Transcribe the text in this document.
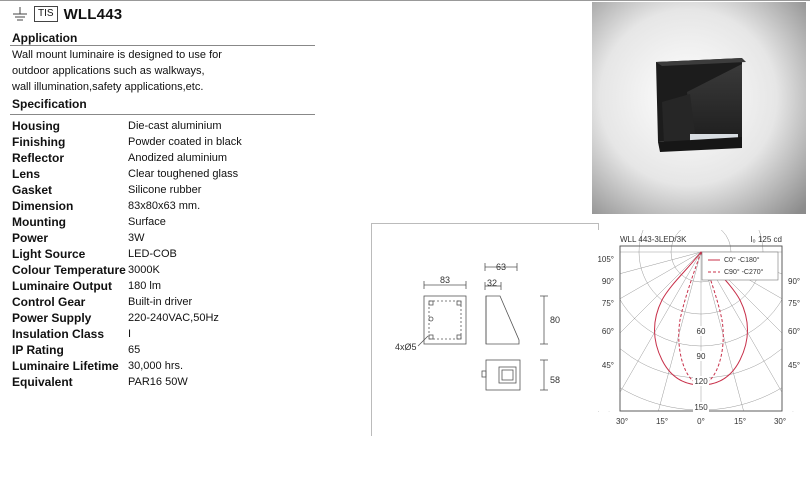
TIS WLL443
Application
Wall mount luminaire is designed to use for
outdoor applications such as walkways,
wall illumination,safety applications,etc.
Specification
Housing	Die-cast aluminium
Finishing	Powder coated in black
Reflector	Anodized aluminium
Lens	Clear toughened glass
Gasket	Silicone rubber
Dimension	83x80x63 mm.
Mounting	Surface
Power	3W
Light Source	LED-COB
Colour Temperature 3000K
Luminaire Output	180 lm
Control Gear	Built-in driver
Power Supply	220-240VAC,50Hz
Insulation Class	I
IP Rating	65
Luminaire Lifetime 30,000 hrs.
Equivalent	PAR16 50W
83
63
32
80
58
4xØ5
C0° -C180°
C90° -C270°
WLL 443-3LED/3K	I₀ 125 cd
105°
90°
75°
60°
45°
90°
75°
60°
45°
30°	15°	0°	15°	30°
60
90
120
150
